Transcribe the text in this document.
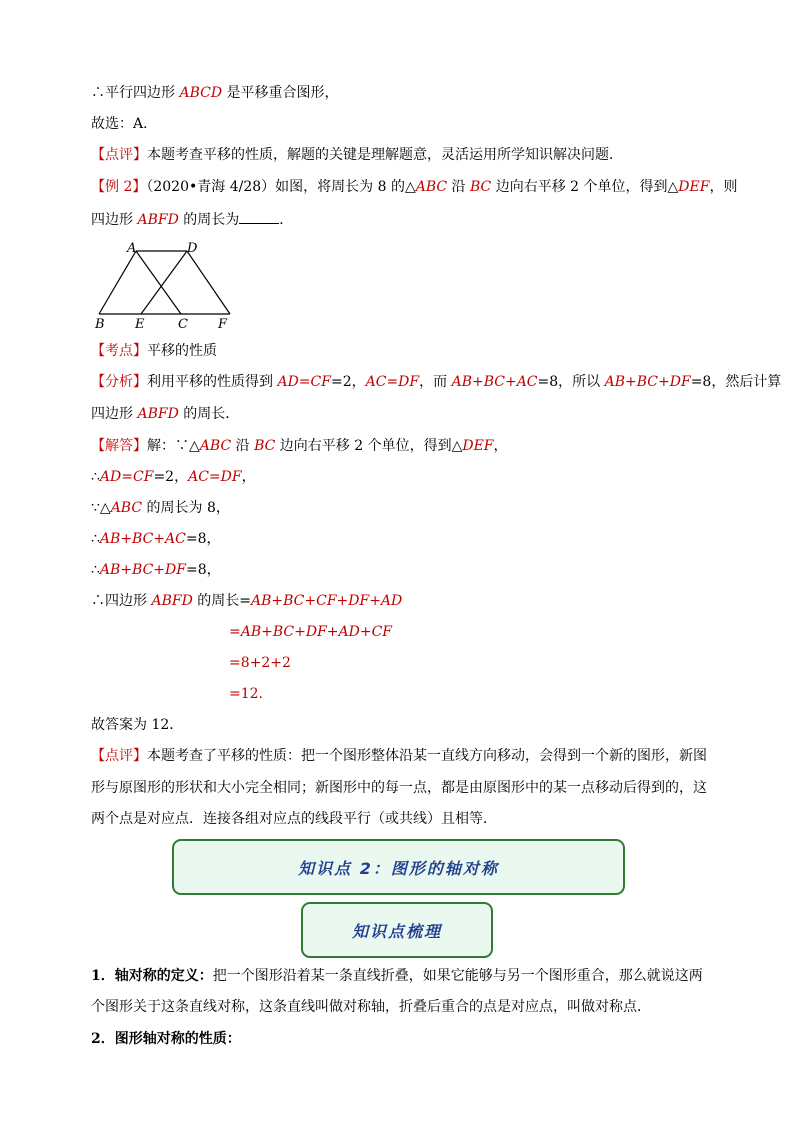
∴平行四边形 ABCD 是平移重合图形，
故选：A．
【点评】本题考查平移的性质，解题的关键是理解题意，灵活运用所学知识解决问题．
【例 2】（2020•青海 4/28）如图，将周长为 8 的△ABC 沿 BC 边向右平移 2 个单位，得到△DEF，则
四边形 ABFD 的周长为	．
A	D
B E	C F
【考点】平移的性质
【分析】利用平移的性质得到 AD=CF=2，AC=DF，而 AB+BC+AC=8，所以 AB+BC+DF=8，然后计算
四边形 ABFD 的周长．
【解答】解：∵△ABC 沿 BC 边向右平移 2 个单位，得到△DEF，
∴AD=CF=2，AC=DF，
∵△ABC 的周长为 8，
∴AB+BC+AC=8，
∴AB+BC+DF=8，
∴四边形 ABFD 的周长=AB+BC+CF+DF+AD
=AB+BC+DF+AD+CF
=8+2+2
=12．
故答案为 12．
【点评】本题考查了平移的性质：把一个图形整体沿某一直线方向移动，会得到一个新的图形，新图
形与原图形的形状和大小完全相同；新图形中的每一点，都是由原图形中的某一点移动后得到的，这
两个点是对应点．连接各组对应点的线段平行（或共线）且相等．
知识点 2：图形的轴对称
知识点梳理
1．轴对称的定义：把一个图形沿着某一条直线折叠，如果它能够与另一个图形重合，那么就说这两
个图形关于这条直线对称，这条直线叫做对称轴，折叠后重合的点是对应点，叫做对称点．
2．图形轴对称的性质：
